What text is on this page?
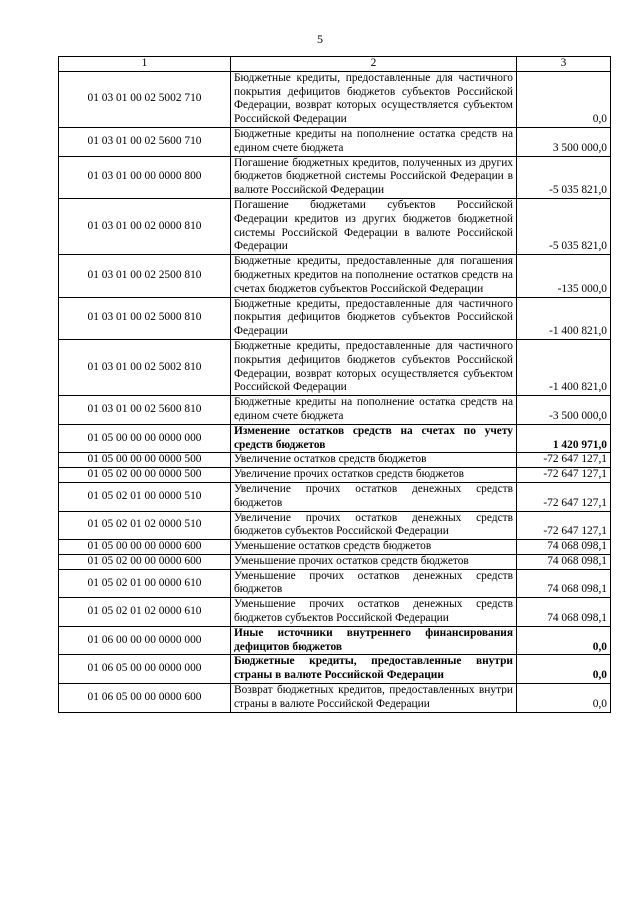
5
1	2	3
01 03 01 00 02 5002 710	Бюджетные кредиты, предоставленные для частичного покрытия дефицитов бюджетов субъектов Российской Федерации, возврат которых осуществляется субъектом Российской Федерации	0,0
01 03 01 00 02 5600 710	Бюджетные кредиты на пополнение остатка средств на едином счете бюджета	3 500 000,0
01 03 01 00 00 0000 800	Погашение бюджетных кредитов, полученных из других бюджетов бюджетной системы Российской Федерации в валюте Российской Федерации	-5 035 821,0
01 03 01 00 02 0000 810	Погашение бюджетами субъектов Российской Федерации кредитов из других бюджетов бюджетной системы Российской Федерации в валюте Российской Федерации	-5 035 821,0
01 03 01 00 02 2500 810	Бюджетные кредиты, предоставленные для погашения бюджетных кредитов на пополнение остатков средств на счетах бюджетов субъектов Российской Федерации	-135 000,0
01 03 01 00 02 5000 810	Бюджетные кредиты, предоставленные для частичного покрытия дефицитов бюджетов субъектов Российской Федерации	-1 400 821,0
01 03 01 00 02 5002 810	Бюджетные кредиты, предоставленные для частичного покрытия дефицитов бюджетов субъектов Российской Федерации, возврат которых осуществляется субъектом Российской Федерации	-1 400 821,0
01 03 01 00 02 5600 810	Бюджетные кредиты на пополнение остатка средств на едином счете бюджета	-3 500 000,0
01 05 00 00 00 0000 000	Изменение остатков средств на счетах по учету средств бюджетов	1 420 971,0
01 05 00 00 00 0000 500	Увеличение остатков средств бюджетов	-72 647 127,1
01 05 02 00 00 0000 500	Увеличение прочих остатков средств бюджетов	-72 647 127,1
01 05 02 01 00 0000 510	Увеличение прочих остатков денежных средств бюджетов	-72 647 127,1
01 05 02 01 02 0000 510	Увеличение прочих остатков денежных средств бюджетов субъектов Российской Федерации	-72 647 127,1
01 05 00 00 00 0000 600	Уменьшение остатков средств бюджетов	74 068 098,1
01 05 02 00 00 0000 600	Уменьшение прочих остатков средств бюджетов	74 068 098,1
01 05 02 01 00 0000 610	Уменьшение прочих остатков денежных средств бюджетов	74 068 098,1
01 05 02 01 02 0000 610	Уменьшение прочих остатков денежных средств бюджетов субъектов Российской Федерации	74 068 098,1
01 06 00 00 00 0000 000	Иные источники внутреннего финансирования дефицитов бюджетов	0,0
01 06 05 00 00 0000 000	Бюджетные кредиты, предоставленные внутри страны в валюте Российской Федерации	0,0
01 06 05 00 00 0000 600	Возврат бюджетных кредитов, предоставленных внутри страны в валюте Российской Федерации	0,0
